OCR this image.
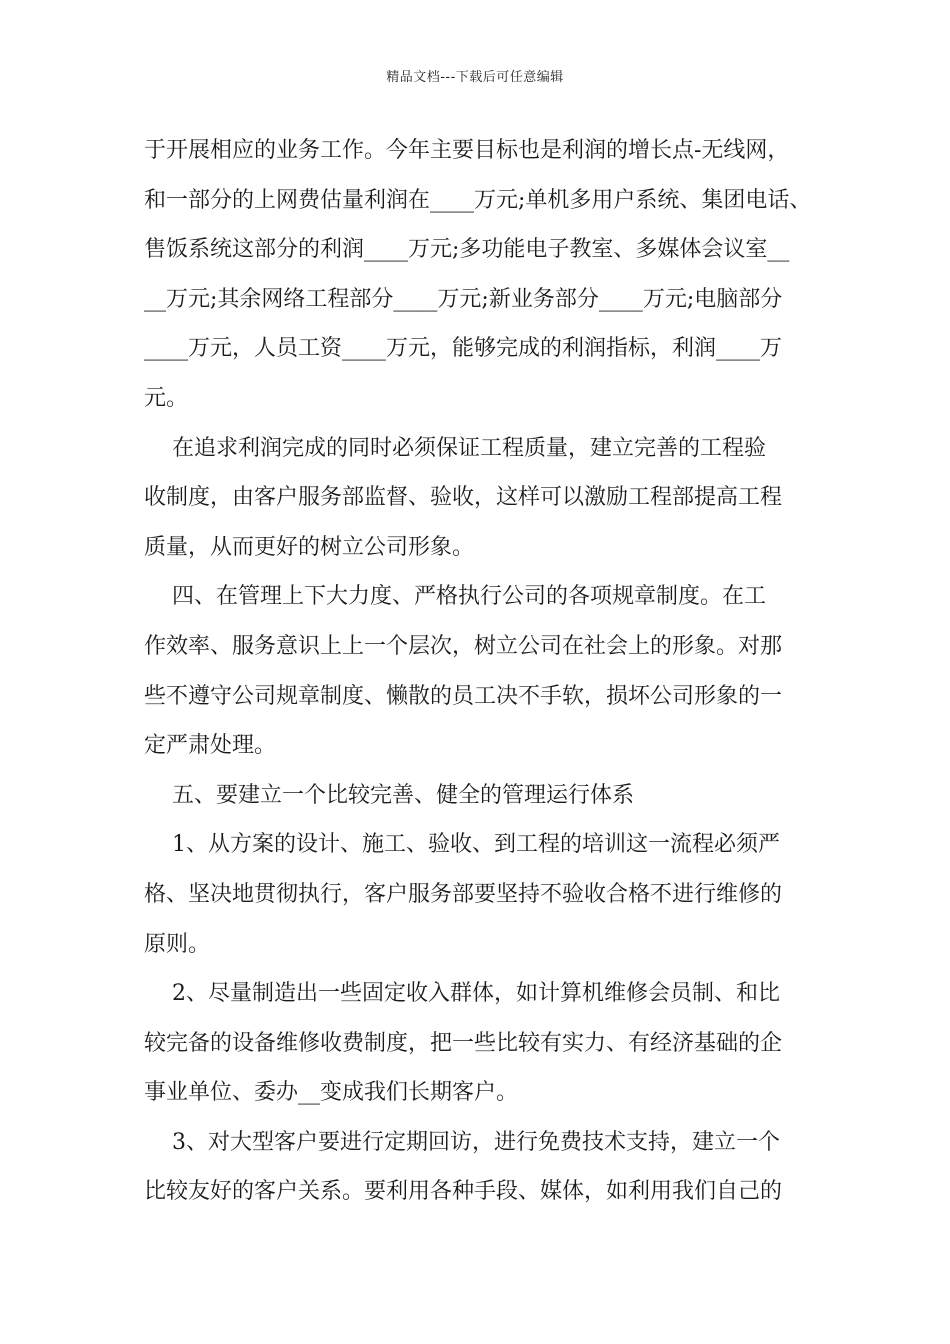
精品文档---下载后可任意编辑
于开展相应的业务工作。今年主要目标也是利润的增长点-无线网，
和一部分的上网费估量利润在____万元;单机多用户系统、集团电话、
售饭系统这部分的利润____万元;多功能电子教室、多媒体会议室__
__万元;其余网络工程部分____万元;新业务部分____万元;电脑部分
____万元，人员工资____万元，能够完成的利润指标，利润____万
元。
在追求利润完成的同时必须保证工程质量，建立完善的工程验
收制度，由客户服务部监督、验收，这样可以激励工程部提高工程
质量，从而更好的树立公司形象。
四、在管理上下大力度、严格执行公司的各项规章制度。在工
作效率、服务意识上上一个层次，树立公司在社会上的形象。对那
些不遵守公司规章制度、懒散的员工决不手软，损坏公司形象的一
定严肃处理。
五、要建立一个比较完善、健全的管理运行体系
1、从方案的设计、施工、验收、到工程的培训这一流程必须严
格、坚决地贯彻执行，客户服务部要坚持不验收合格不进行维修的
原则。
2、尽量制造出一些固定收入群体，如计算机维修会员制、和比
较完备的设备维修收费制度，把一些比较有实力、有经济基础的企
事业单位、委办__变成我们长期客户。
3、对大型客户要进行定期回访，进行免费技术支持，建立一个
比较友好的客户关系。要利用各种手段、媒体，如利用我们自己的
